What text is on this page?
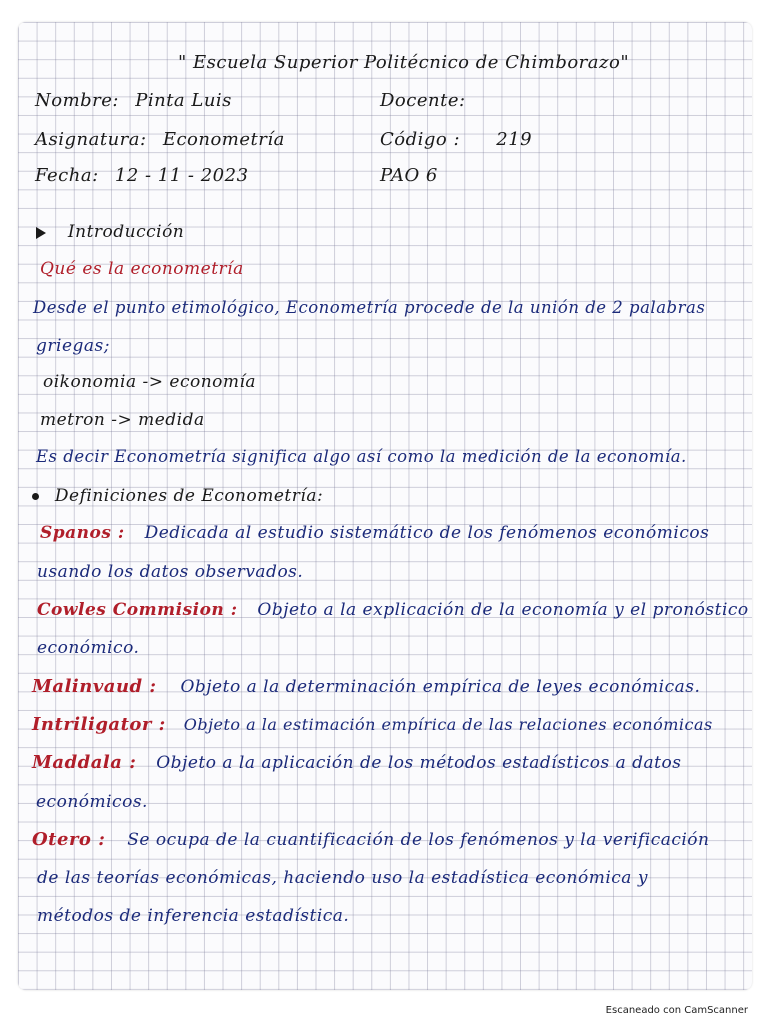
" Escuela Superior Politécnico de Chimborazo"
Nombre: Pinta Luis	Docente:
Asignatura: Econometría	Código : 219
Fecha: 12 - 11 - 2023	PAO 6
Introducción
Qué es la econometría
Desde el punto etimológico, Econometría procede de la unión de 2 palabras
griegas;
oikonomia -> economía
metron -> medida
Es decir Econometría significa algo así como la medición de la economía.
Definiciones de Econometría:
Spanos : Dedicada al estudio sistemático de los fenómenos económicos
usando los datos observados.
Cowles Commision : Objeto a la explicación de la economía y el pronóstico
económico.
Malinvaud : Objeto a la determinación empírica de leyes económicas.
Intriligator : Objeto a la estimación empírica de las relaciones económicas
Maddala : Objeto a la aplicación de los métodos estadísticos a datos
económicos.
Otero : Se ocupa de la cuantificación de los fenómenos y la verificación
de las teorías económicas, haciendo uso la estadística económica y
métodos de inferencia estadística.
Escaneado con CamScanner
